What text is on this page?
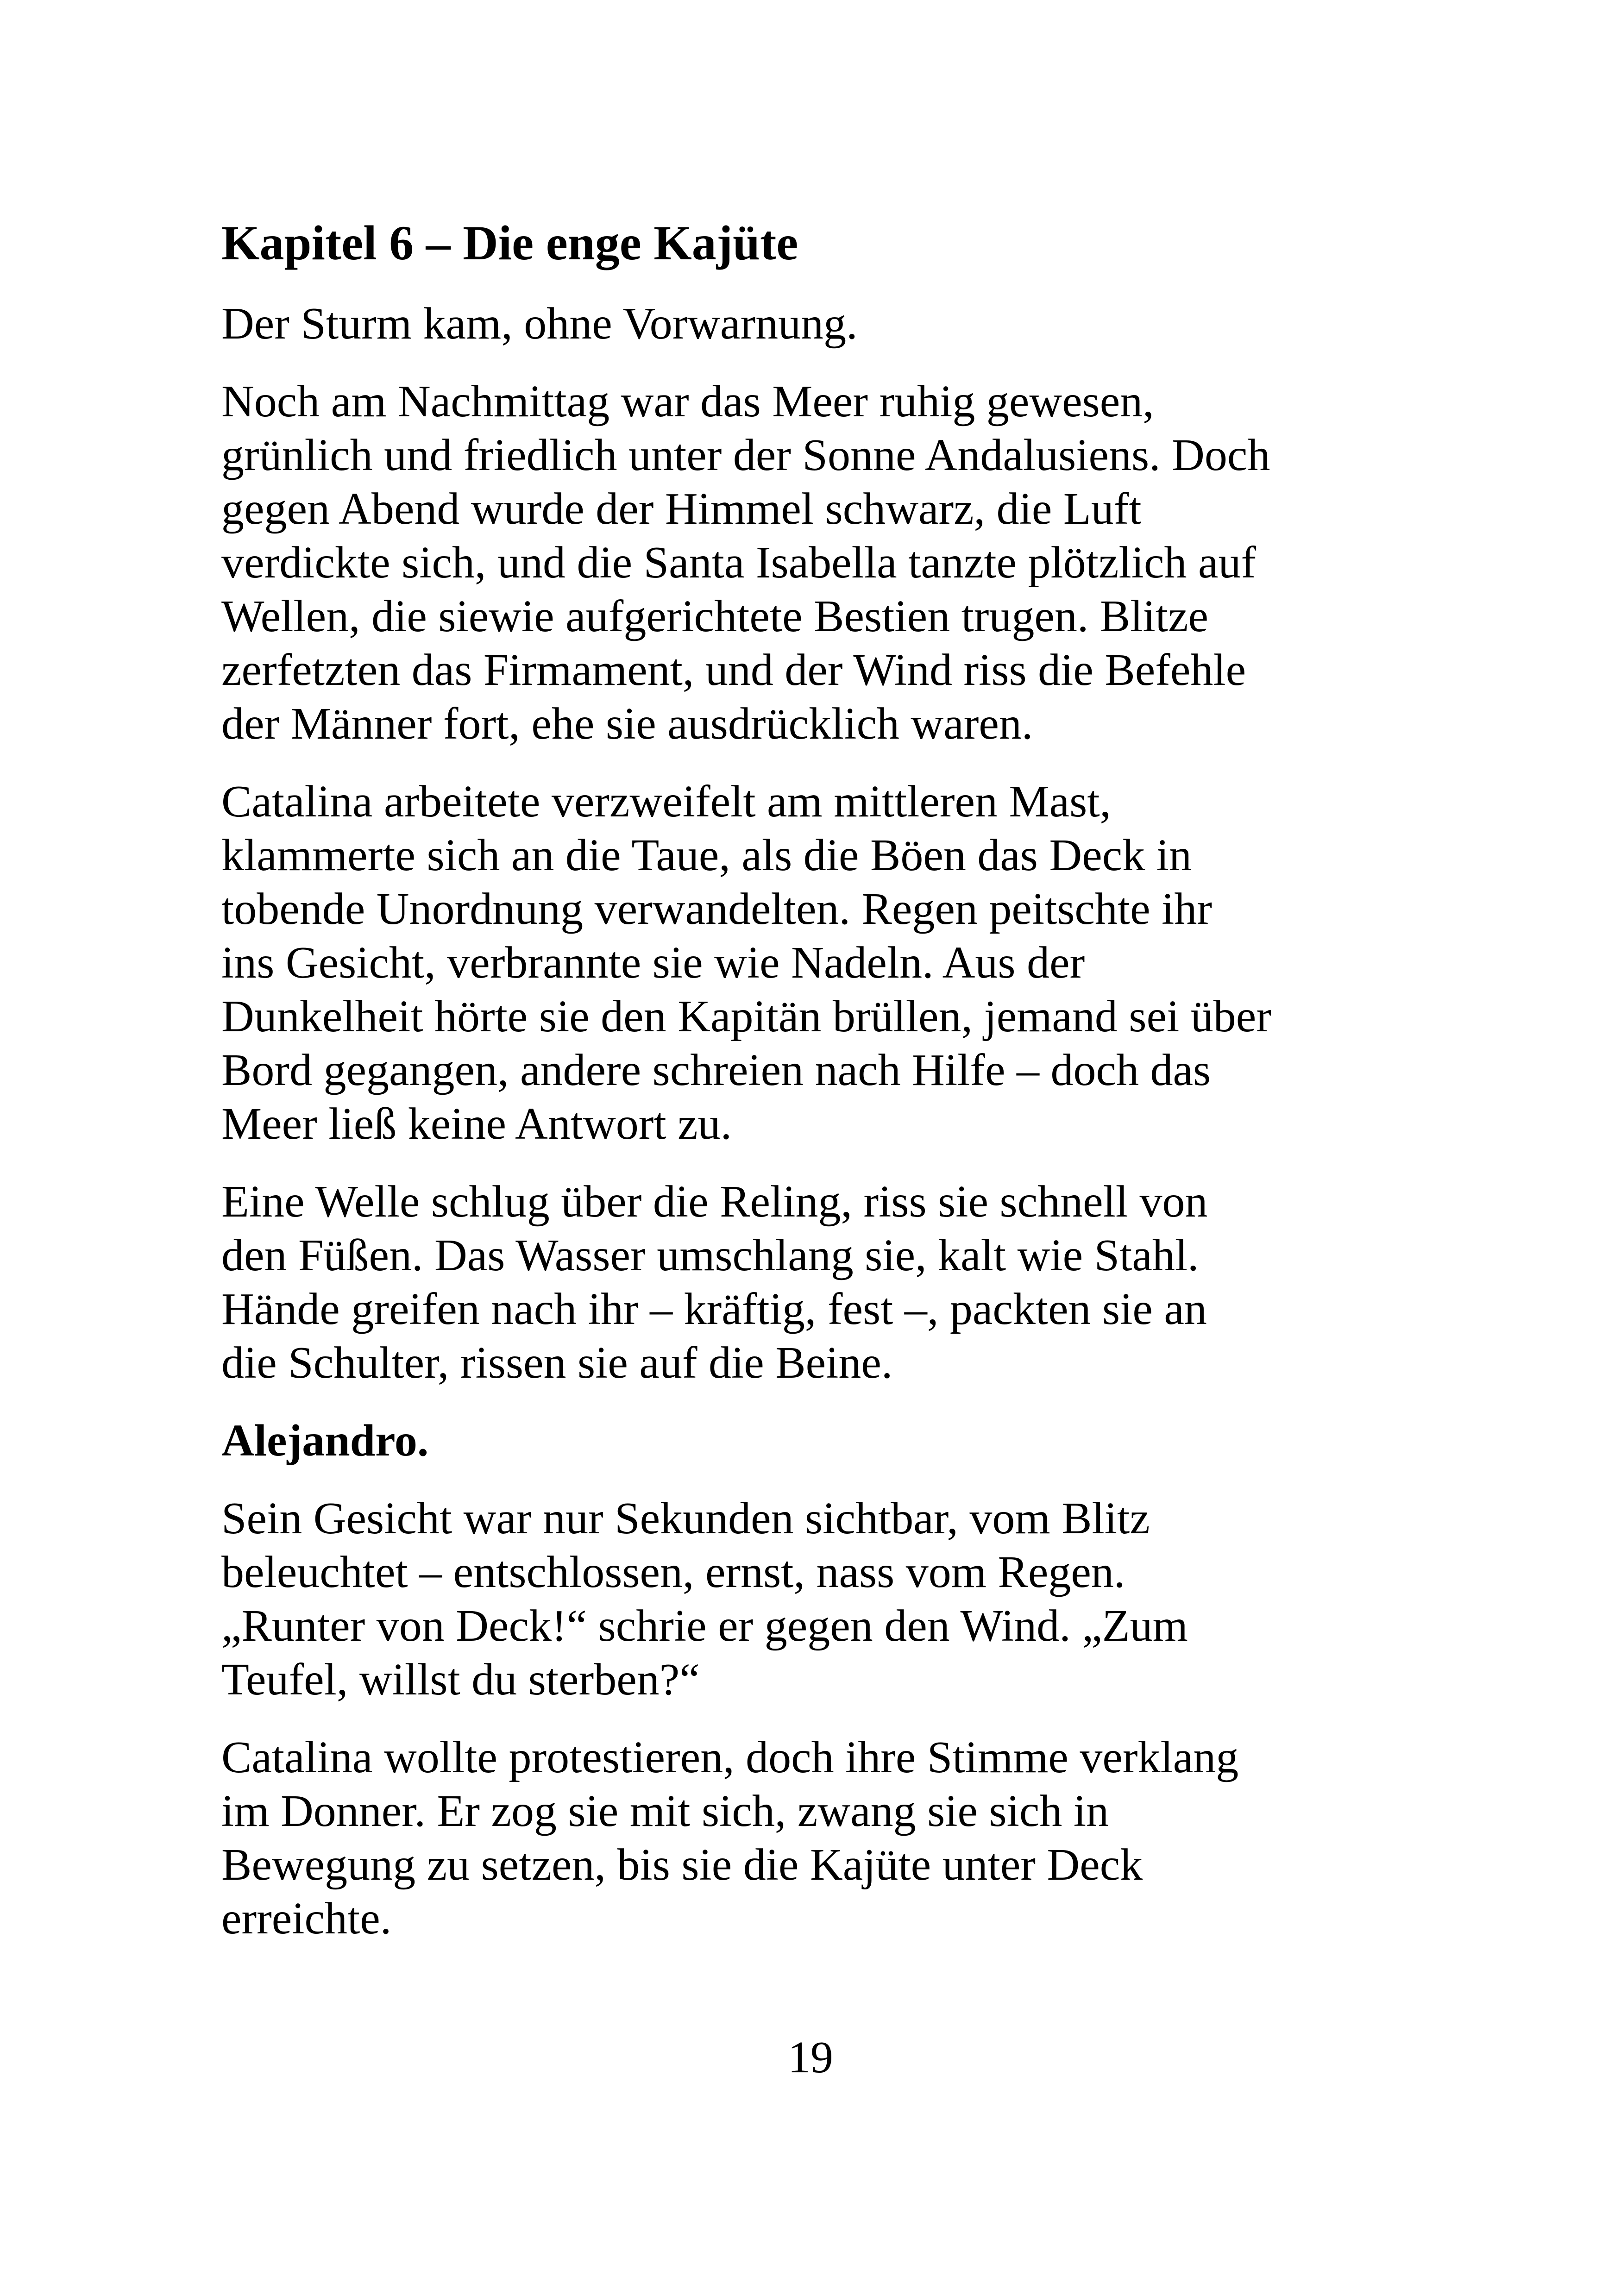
Kapitel 6 – Die enge Kajüte

Der Sturm kam, ohne Vorwarnung.

Noch am Nachmittag war das Meer ruhig gewesen,
grünlich und friedlich unter der Sonne Andalusiens. Doch
gegen Abend wurde der Himmel schwarz, die Luft
verdickte sich, und die Santa Isabella tanzte plötzlich auf
Wellen, die siewie aufgerichtete Bestien trugen. Blitze
zerfetzten das Firmament, und der Wind riss die Befehle
der Männer fort, ehe sie ausdrücklich waren.

Catalina arbeitete verzweifelt am mittleren Mast,
klammerte sich an die Taue, als die Böen das Deck in
tobende Unordnung verwandelten. Regen peitschte ihr
ins Gesicht, verbrannte sie wie Nadeln. Aus der
Dunkelheit hörte sie den Kapitän brüllen, jemand sei über
Bord gegangen, andere schreien nach Hilfe – doch das
Meer ließ keine Antwort zu.

Eine Welle schlug über die Reling, riss sie schnell von
den Füßen. Das Wasser umschlang sie, kalt wie Stahl.
Hände greifen nach ihr – kräftig, fest –, packten sie an
die Schulter, rissen sie auf die Beine.

Alejandro.

Sein Gesicht war nur Sekunden sichtbar, vom Blitz
beleuchtet – entschlossen, ernst, nass vom Regen.
„Runter von Deck!“ schrie er gegen den Wind. „Zum
Teufel, willst du sterben?“

Catalina wollte protestieren, doch ihre Stimme verklang
im Donner. Er zog sie mit sich, zwang sie sich in
Bewegung zu setzen, bis sie die Kajüte unter Deck
erreichte.

19
